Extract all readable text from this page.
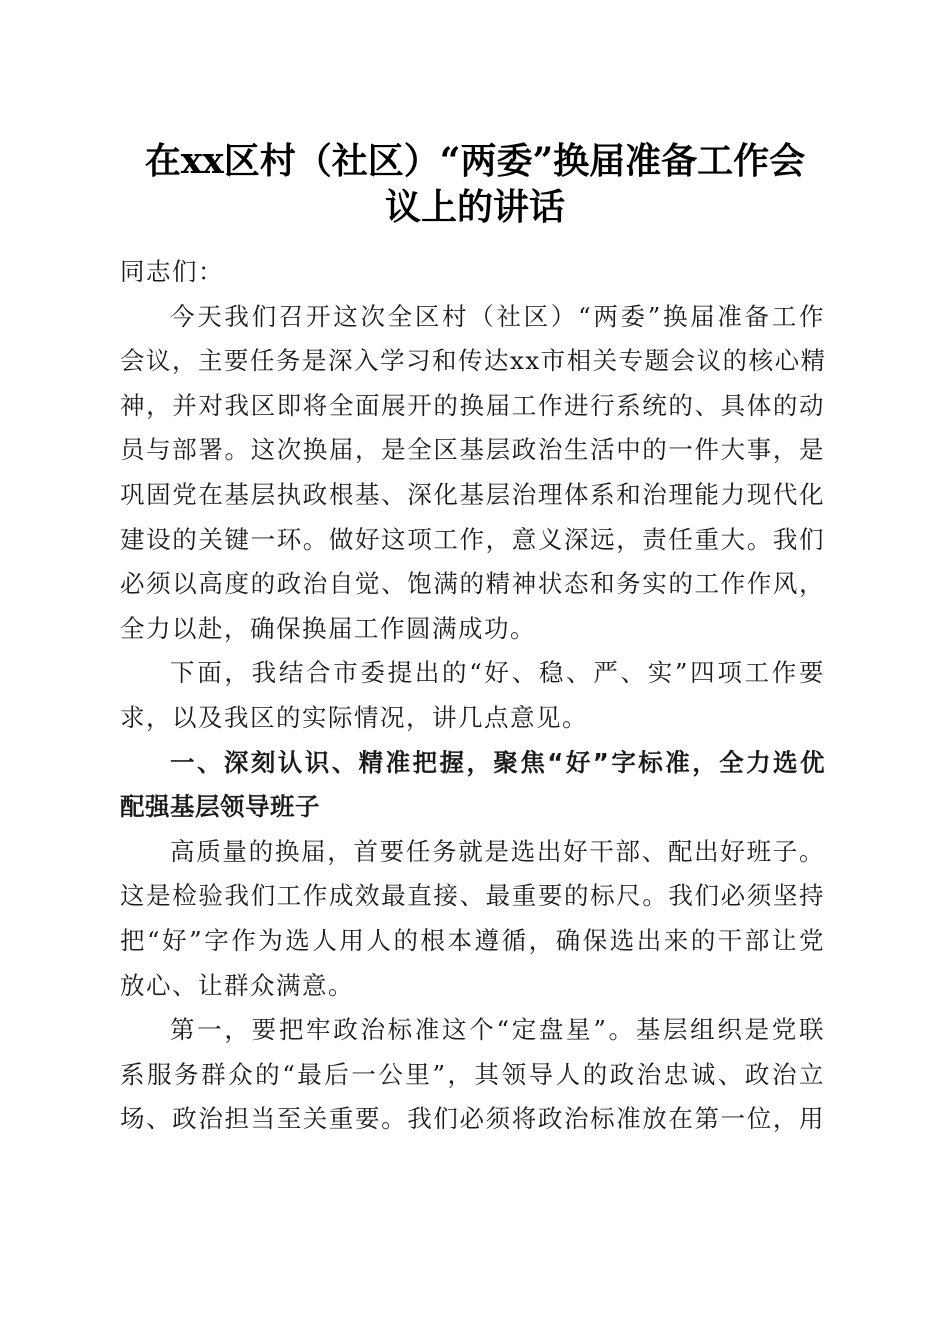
在xx区村（社区）“两委”换届准备工作会
议上的讲话
同志们：
今天我们召开这次全区村（社区）“两委”换届准备工作
会议，主要任务是深入学习和传达xx市相关专题会议的核心精
神，并对我区即将全面展开的换届工作进行系统的、具体的动
员与部署。这次换届，是全区基层政治生活中的一件大事，是
巩固党在基层执政根基、深化基层治理体系和治理能力现代化
建设的关键一环。做好这项工作，意义深远，责任重大。我们
必须以高度的政治自觉、饱满的精神状态和务实的工作作风，
全力以赴，确保换届工作圆满成功。
下面，我结合市委提出的“好、稳、严、实”四项工作要
求，以及我区的实际情况，讲几点意见。
一、深刻认识、精准把握，聚焦“好”字标准，全力选优
配强基层领导班子
高质量的换届，首要任务就是选出好干部、配出好班子。
这是检验我们工作成效最直接、最重要的标尺。我们必须坚持
把“好”字作为选人用人的根本遵循，确保选出来的干部让党
放心、让群众满意。
第一，要把牢政治标准这个“定盘星”。基层组织是党联
系服务群众的“最后一公里”，其领导人的政治忠诚、政治立
场、政治担当至关重要。我们必须将政治标准放在第一位，用
